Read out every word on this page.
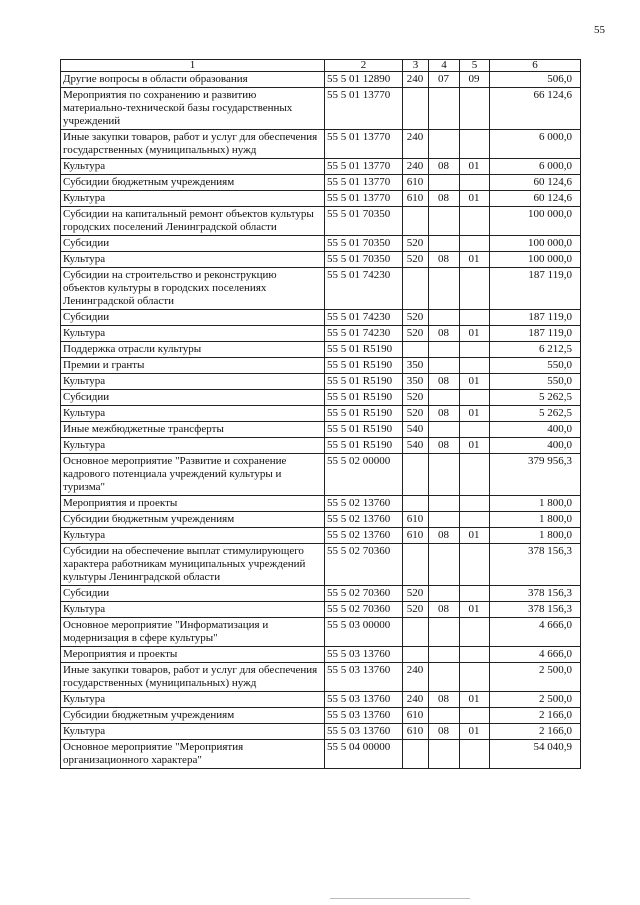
55
1	2	3	4	5	6
Другие вопросы в области образования	55 5 01 12890	240	07	09	506,0
Мероприятия по сохранению и развитию материально-технической базы государственных учреждений	55 5 01 13770				66 124,6
Иные закупки товаров, работ и услуг для обеспечения государственных (муниципальных) нужд	55 5 01 13770	240			6 000,0
Культура	55 5 01 13770	240	08	01	6 000,0
Субсидии бюджетным учреждениям	55 5 01 13770	610			60 124,6
Культура	55 5 01 13770	610	08	01	60 124,6
Субсидии на капитальный ремонт объектов культуры городских поселений Ленинградской области	55 5 01 70350				100 000,0
Субсидии	55 5 01 70350	520			100 000,0
Культура	55 5 01 70350	520	08	01	100 000,0
Субсидии на строительство и реконструкцию объектов культуры в городских поселениях Ленинградской области	55 5 01 74230				187 119,0
Субсидии	55 5 01 74230	520			187 119,0
Культура	55 5 01 74230	520	08	01	187 119,0
Поддержка отрасли культуры	55 5 01 R5190				6 212,5
Премии и гранты	55 5 01 R5190	350			550,0
Культура	55 5 01 R5190	350	08	01	550,0
Субсидии	55 5 01 R5190	520			5 262,5
Культура	55 5 01 R5190	520	08	01	5 262,5
Иные межбюджетные трансферты	55 5 01 R5190	540			400,0
Культура	55 5 01 R5190	540	08	01	400,0
Основное мероприятие "Развитие и сохранение кадрового потенциала учреждений культуры и туризма"	55 5 02 00000				379 956,3
Мероприятия и проекты	55 5 02 13760				1 800,0
Субсидии бюджетным учреждениям	55 5 02 13760	610			1 800,0
Культура	55 5 02 13760	610	08	01	1 800,0
Субсидии на обеспечение выплат стимулирующего характера работникам муниципальных учреждений культуры Ленинградской области	55 5 02 70360				378 156,3
Субсидии	55 5 02 70360	520			378 156,3
Культура	55 5 02 70360	520	08	01	378 156,3
Основное мероприятие "Информатизация и модернизация в сфере культуры"	55 5 03 00000				4 666,0
Мероприятия и проекты	55 5 03 13760				4 666,0
Иные закупки товаров, работ и услуг для обеспечения государственных (муниципальных) нужд	55 5 03 13760	240			2 500,0
Культура	55 5 03 13760	240	08	01	2 500,0
Субсидии бюджетным учреждениям	55 5 03 13760	610			2 166,0
Культура	55 5 03 13760	610	08	01	2 166,0
Основное мероприятие "Мероприятия организационного характера"	55 5 04 00000				54 040,9
